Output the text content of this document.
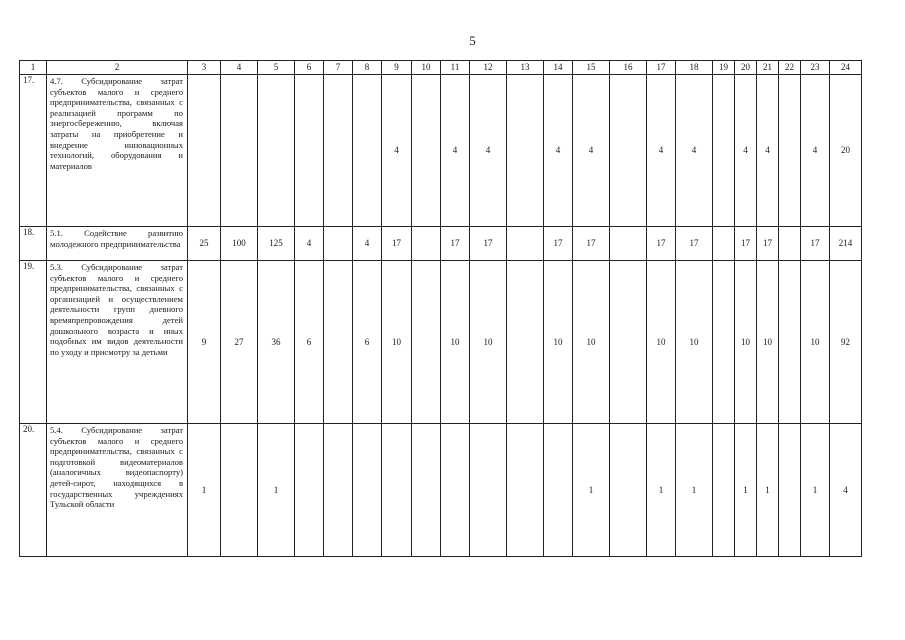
5
1	2	3	4	5	6	7	8	9	10	11	12	13	14	15	16	17	18	19	20	21	22	23	24
17.	4.7. Субсидирование затрат субъектов малого и среднего предпринимательства, связанных с реализацией программ по энергосбережению, включая затраты на приобретение и внедрение инновационных технологий, оборудования и материалов							4		4	4		4	4		4	4		4	4		4	20
18.	5.1. Содействие развитию молодежного предпринимательства	25	100	125	4		4	17		17	17		17	17		17	17		17	17		17	214
19.	5.3. Субсидирование затрат субъектов малого и среднего предпринимательства, связанных с организацией и осуществлением деятельности групп дневного времяпрепровождения детей дошкольного возраста и иных подобных им видов деятельности по уходу и присмотру за детьми	9	27	36	6		6	10		10	10		10	10		10	10		10	10		10	92
20.	5.4. Субсидирование затрат субъектов малого и среднего предпринимательства, связанных с подготовкой видеоматериалов (аналогичных видеопаспорту) детей-сирот, находящихся в государственных учреждениях Тульской области	1		1										1		1	1		1	1		1	4
